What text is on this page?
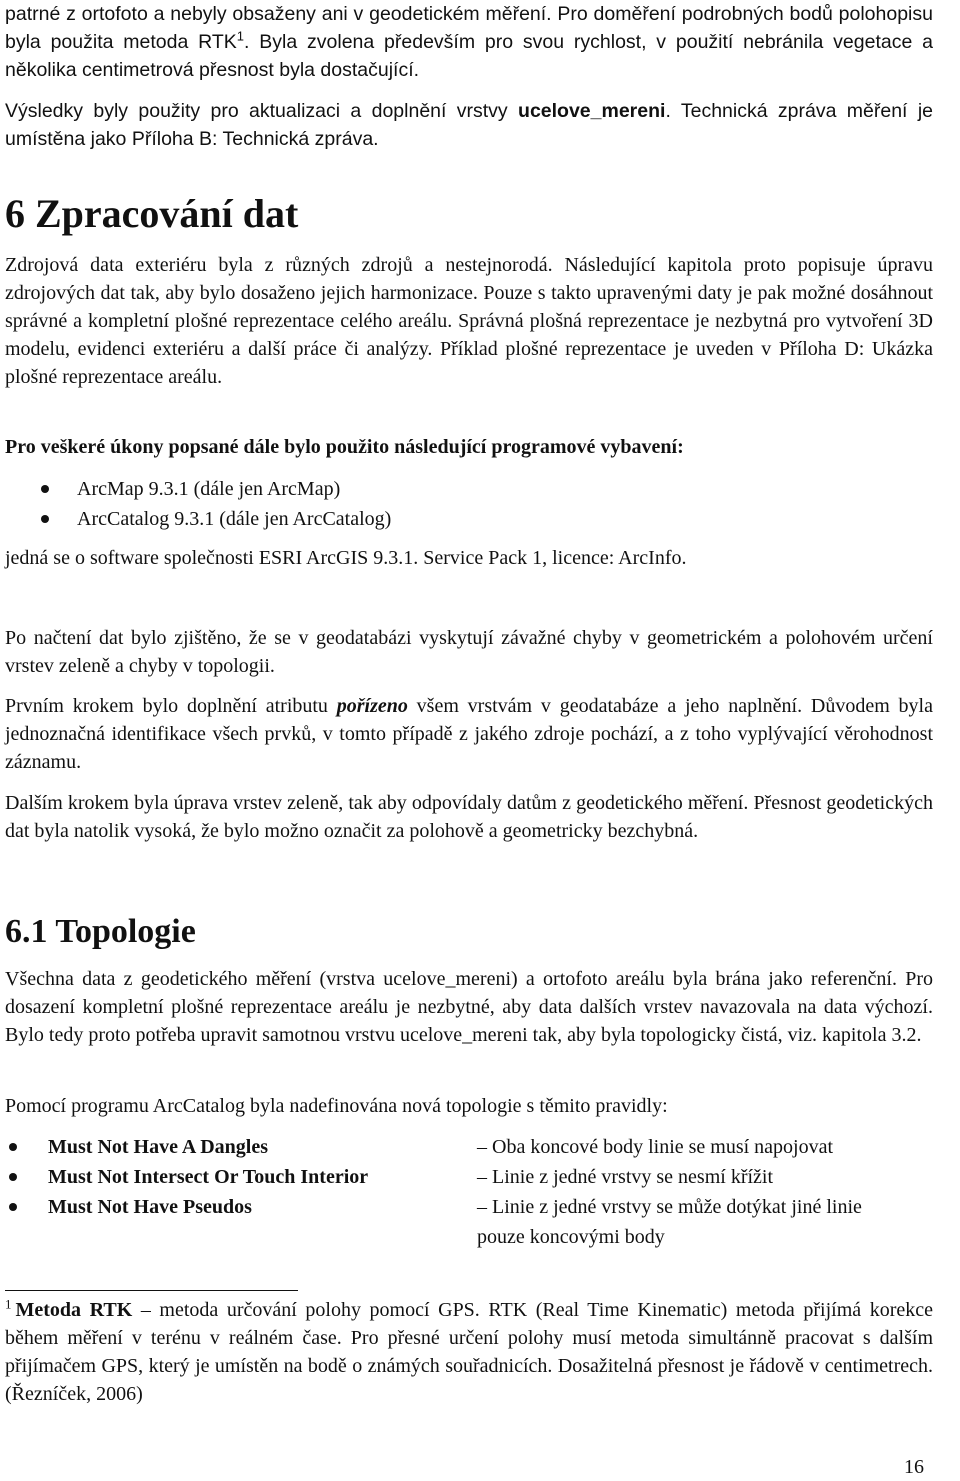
patrné z ortofoto a nebyly obsaženy ani v geodetickém měření. Pro doměření podrobných bodů polohopisu byla použita metoda RTK$^1$. Byla zvolena především pro svou rychlost, v použití nebránila vegetace a několika centimetrová přesnost byla dostačující.

Výsledky byly použity pro aktualizaci a doplnění vrstvy ucelove_mereni. Technická zpráva měření je umístěna jako Příloha B: Technická zpráva.

6 Zpracování dat

Zdrojová data exteriéru byla z různých zdrojů a nestejnorodá. Následující kapitola proto popisuje úpravu zdrojových dat tak, aby bylo dosaženo jejich harmonizace. Pouze s takto upravenými daty je pak možné dosáhnout správné a kompletní plošné reprezentace celého areálu. Správná plošná reprezentace je nezbytná pro vytvoření 3D modelu, evidenci exteriéru a další práce či analýzy. Příklad plošné reprezentace je uveden v Příloha D: Ukázka plošné reprezentace areálu.

Pro veškeré úkony popsané dále bylo použito následující programové vybavení:

ArcMap 9.3.1 (dále jen ArcMap)
ArcCatalog 9.3.1 (dále jen ArcCatalog)

jedná se o software společnosti ESRI ArcGIS 9.3.1. Service Pack 1, licence: ArcInfo.

Po načtení dat bylo zjištěno, že se v geodatabázi vyskytují závažné chyby v geometrickém a polohovém určení vrstev zeleně a chyby v topologii.

Prvním krokem bylo doplnění atributu pořízeno všem vrstvám v geodatabáze a jeho naplnění. Důvodem byla jednoznačná identifikace všech prvků, v tomto případě z jakého zdroje pochází, a z toho vyplývající věrohodnost záznamu.

Dalším krokem byla úprava vrstev zeleně, tak aby odpovídaly datům z geodetického měření. Přesnost geodetických dat byla natolik vysoká, že bylo možno označit za polohově a geometricky bezchybná.

6.1 Topologie

Všechna data z geodetického měření (vrstva ucelove_mereni) a ortofoto areálu byla brána jako referenční. Pro dosazení kompletní plošné reprezentace areálu je nezbytné, aby data dalších vrstev navazovala na data výchozí. Bylo tedy proto potřeba upravit samotnou vrstvu ucelove_mereni tak, aby byla topologicky čistá, viz. kapitola 3.2.

Pomocí programu ArcCatalog byla nadefinována nová topologie s těmito pravidly:

Must Not Have A Dangles	– Oba koncové body linie se musí napojovat
Must Not Intersect Or Touch Interior	– Linie z jedné vrstvy se nesmí křížit
Must Not Have Pseudos	– Linie z jedné vrstvy se může dotýkat jiné linie pouze koncovými body

$^1$ Metoda RTK – metoda určování polohy pomocí GPS. RTK (Real Time Kinematic) metoda přijímá korekce během měření v terénu v reálném čase. Pro přesné určení polohy musí metoda simultánně pracovat s dalším přijímačem GPS, který je umístěn na bodě o známých souřadnicích. Dosažitelná přesnost je řádově v centimetrech. (Řezníček, 2006)

16
